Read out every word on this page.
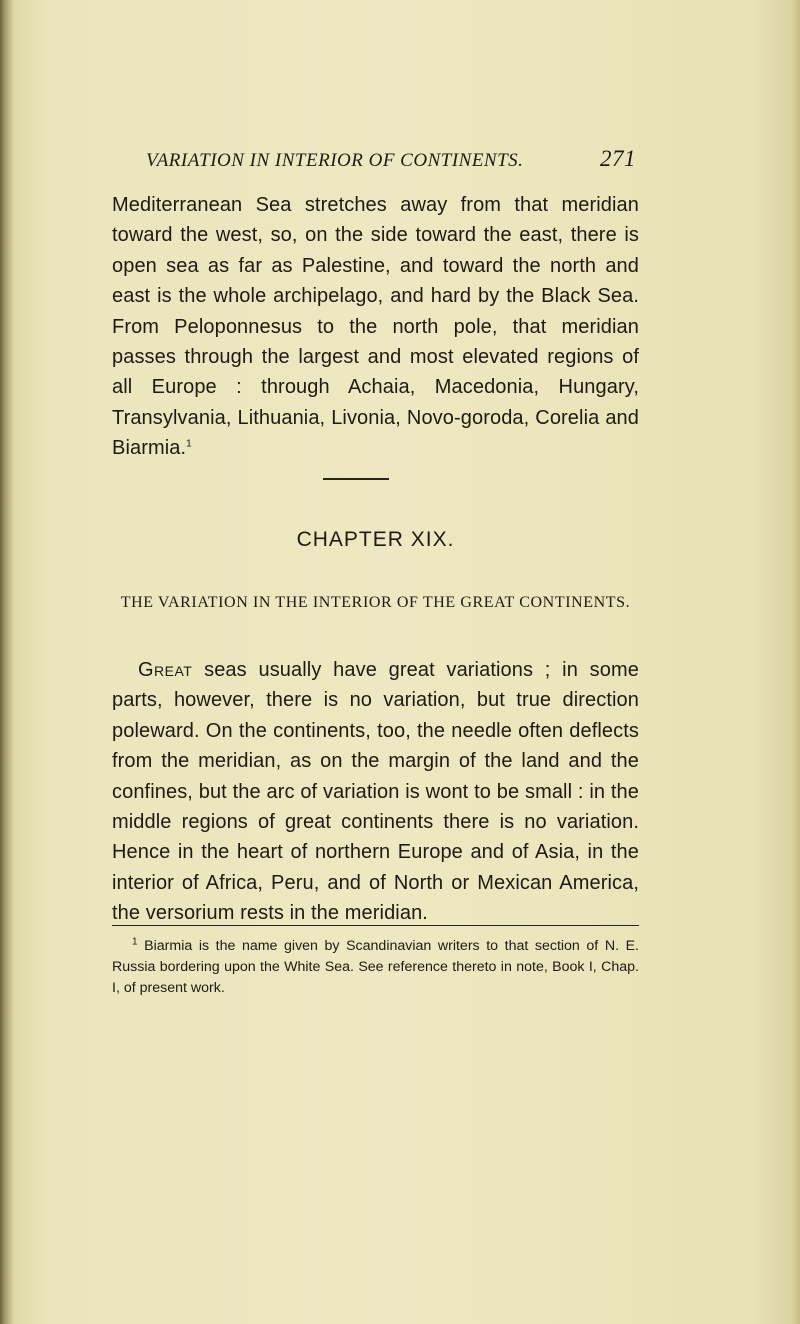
VARIATION IN INTERIOR OF CONTINENTS.	271

Mediterranean Sea stretches away from that meridian toward the west, so, on the side toward the east, there is open sea as far as Palestine, and toward the north and east is the whole archipelago, and hard by the Black Sea. From Peloponnesus to the north pole, that meridian passes through the largest and most elevated regions of all Europe : through Achaia, Macedonia, Hungary, Transylvania, Lithuania, Livonia, Novo-goroda, Corelia and Biarmia.$^1$

CHAPTER XIX.
THE VARIATION IN THE INTERIOR OF THE GREAT CONTINENTS.

Great seas usually have great variations ; in some parts, however, there is no variation, but true direction poleward. On the continents, too, the needle often deflects from the meridian, as on the margin of the land and the confines, but the arc of variation is wont to be small : in the middle regions of great continents there is no variation. Hence in the heart of northern Europe and of Asia, in the interior of Africa, Peru, and of North or Mexican America, the versorium rests in the meridian.

$^1$ Biarmia is the name given by Scandinavian writers to that section of N. E. Russia bordering upon the White Sea. See reference thereto in note, Book I, Chap. I, of present work.
